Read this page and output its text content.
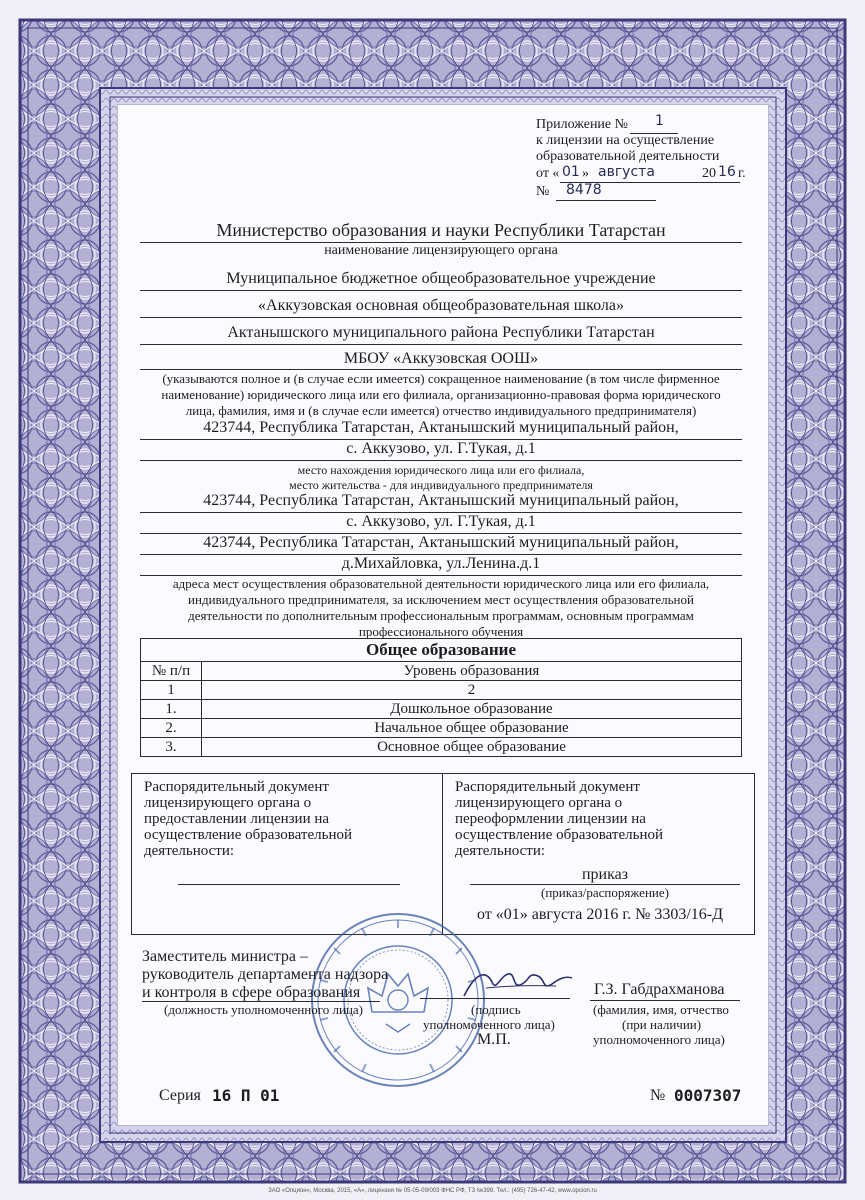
Приложение № 1
к лицензии на осуществление
образовательной деятельности
от « 01 » августа	20 16 г.
№ 8478
Министерство образования и науки Республики Татарстан
наименование лицензирующего органа
Муниципальное бюджетное общеобразовательное учреждение
«Аккузовская основная общеобразовательная школа»
Актанышского муниципального района Республики Татарстан
МБОУ «Аккузовская ООШ»
(указываются полное и (в случае если имеется) сокращенное наименование (в том числе фирменное
наименование) юридического лица или его филиала, организационно-правовая форма юридического
лица, фамилия, имя и (в случае если имеется) отчество индивидуального предпринимателя)
423744, Республика Татарстан, Актанышский муниципальный район,
с. Аккузово, ул. Г.Тукая, д.1
место нахождения юридического лица или его филиала,
место жительства - для индивидуального предпринимателя
423744, Республика Татарстан, Актанышский муниципальный район,
с. Аккузово, ул. Г.Тукая, д.1
423744, Республика Татарстан, Актанышский муниципальный район,
д.Михайловка, ул.Ленина.д.1
адреса мест осуществления образовательной деятельности юридического лица или его филиала,
индивидуального предпринимателя, за исключением мест осуществления образовательной
деятельности по дополнительным профессиональным программам, основным программам
профессионального обучения
Общее образование	
№ п/п	Уровень образования
1	2
1.	Дошкольное образование
2.	Начальное общее образование
3.	Основное общее образование
Распорядительный документ
лицензирующего органа о
предоставлении лицензии на
осуществление образовательной
деятельности:
Распорядительный документ
лицензирующего органа о
переоформлении лицензии на
осуществление образовательной
деятельности:
приказ
(приказ/распоряжение)
от «01» августа 2016 г. № 3303/16-Д
Заместитель министра –
руководитель департамента надзора
и контроля в сфере образования
(должность уполномоченного лица)	(подпись
уполномоченного лица)
М.П.
Г.З. Габдрахманова
(фамилия, имя, отчество
(при наличии)
уполномоченного лица)
Серия 16 П 01	№ 0007307
ЗАО «Опцион», Москва, 2015, «А», лицензия № 05-05-09/003 ФНС РФ, ТЗ №399. Тел.: (495) 726-47-42, www.opcion.ru
